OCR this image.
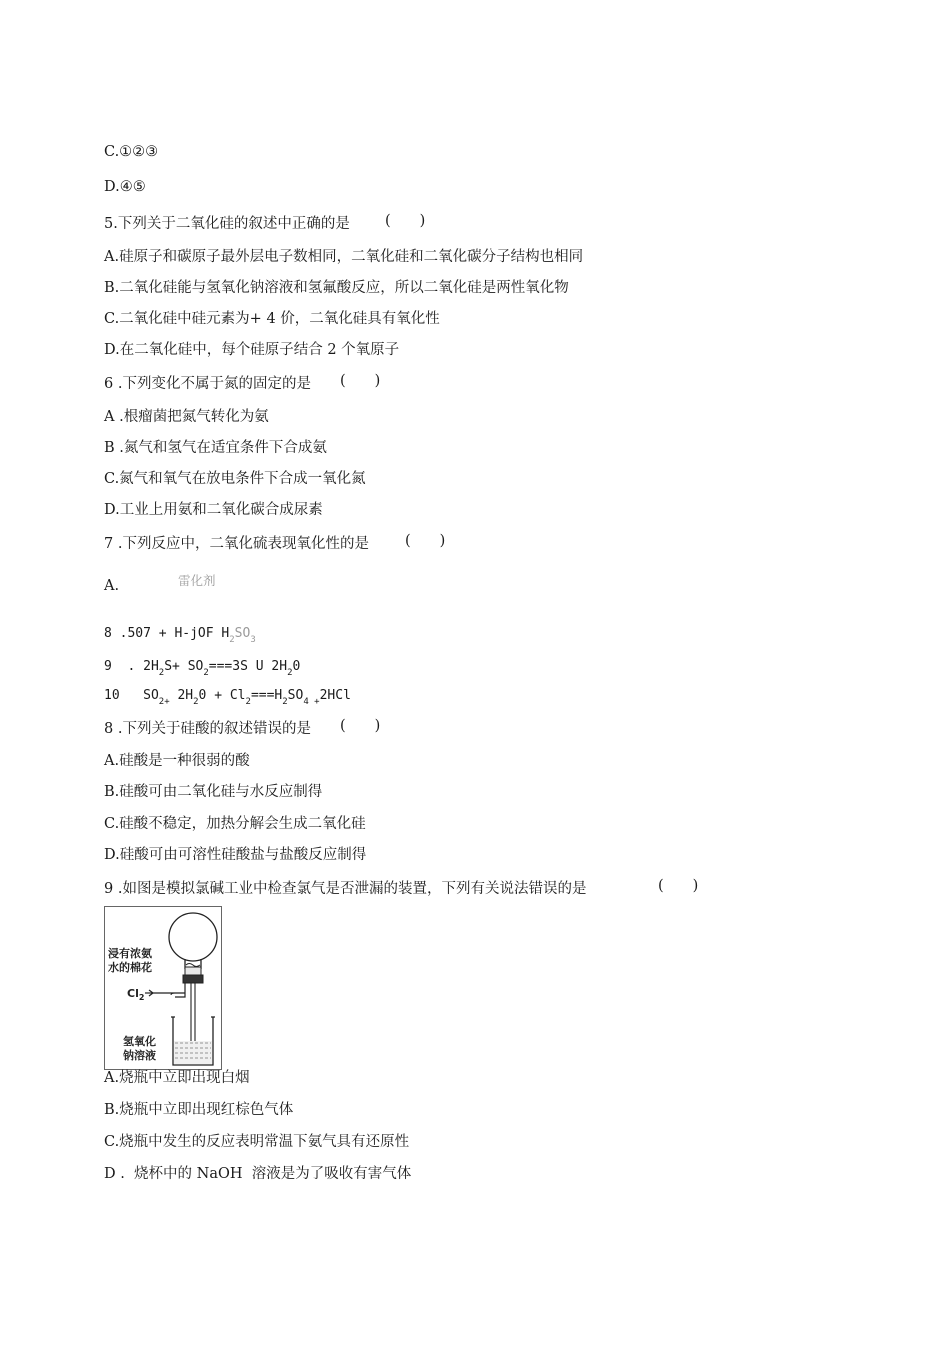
C.①②③
D.④⑤
5.下列关于二氧化硅的叙述中正确的是 (　　)
A.硅原子和碳原子最外层电子数相同，二氧化硅和二氧化碳分子结构也相同
B.二氧化硅能与氢氧化钠溶液和氢氟酸反应，所以二氧化硅是两性氧化物
C.二氧化硅中硅元素为+ 4 价，二氧化硅具有氧化性
D.在二氧化硅中，每个硅原子结合 2 个氧原子
6 .下列变化不属于氮的固定的是 (　　)
A .根瘤菌把氮气转化为氨
B .氮气和氢气在适宜条件下合成氨
C.氮气和氧气在放电条件下合成一氧化氮
D.工业上用氨和二氧化碳合成尿素
7 .下列反应中，二氧化硫表现氧化性的是 (　　)
A.	雷化剂
8 .507 + H-jOF $H_2SO_3$
9  . $2H_2S+ SO_2===3S$ U $2H_20$
10   $SO_{2+}$ $2H_20 + Cl_2===H_2SO_{4 +}2HCl$
8 .下列关于硅酸的叙述错误的是 (　　)
A.硅酸是一种很弱的酸
B.硅酸可由二氧化硅与水反应制得
C.硅酸不稳定，加热分解会生成二氧化硅
D.硅酸可由可溶性硅酸盐与盐酸反应制得
9 .如图是模拟氯碱工业中检查氯气是否泄漏的装置，下列有关说法错误的是	(　　)
浸有浓氨
水的棉花
$Cl_2$
氢氧化
钠溶液
A.烧瓶中立即出现白烟
B.烧瓶中立即出现红棕色气体
C.烧瓶中发生的反应表明常温下氨气具有还原性
D .  烧杯中的 NaOH  溶液是为了吸收有害气体
